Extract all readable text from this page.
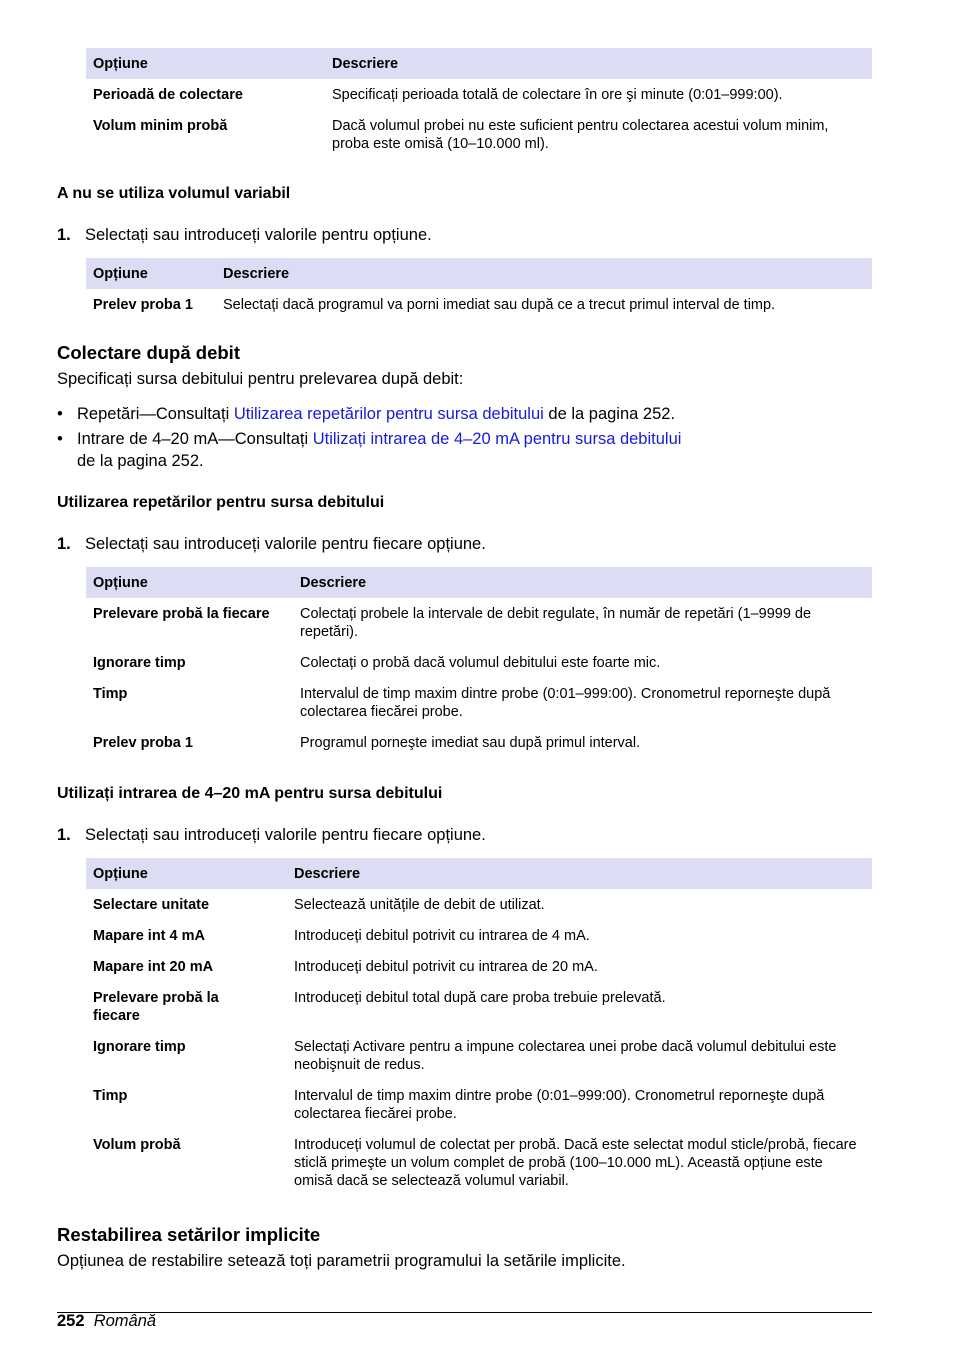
Opțiune	Descriere
Perioadă de colectare	Specificați perioada totală de colectare în ore şi minute (0:01–999:00).
Volum minim probă	Dacă volumul probei nu este suficient pentru colectarea acestui volum minim, proba este omisă (10–10.000 ml).
A nu se utiliza volumul variabil
1. Selectați sau introduceți valorile pentru opțiune.
Opțiune	Descriere
Prelev proba 1	Selectați dacă programul va porni imediat sau după ce a trecut primul interval de timp.
Colectare după debit
Specificați sursa debitului pentru prelevarea după debit:
• Repetări—Consultați Utilizarea repetărilor pentru sursa debitului de la pagina 252.
• Intrare de 4–20 mA—Consultați Utilizați intrarea de 4–20 mA pentru sursa debitului
de la pagina 252.
Utilizarea repetărilor pentru sursa debitului
1. Selectați sau introduceți valorile pentru fiecare opțiune.
Opțiune	Descriere
Prelevare probă la fiecare	Colectați probele la intervale de debit regulate, în număr de repetări (1–9999 de repetări).
Ignorare timp	Colectați o probă dacă volumul debitului este foarte mic.
Timp	Intervalul de timp maxim dintre probe (0:01–999:00). Cronometrul reporneşte după colectarea fiecărei probe.
Prelev proba 1	Programul porneşte imediat sau după primul interval.
Utilizați intrarea de 4–20 mA pentru sursa debitului
1. Selectați sau introduceți valorile pentru fiecare opțiune.
Opțiune	Descriere
Selectare unitate	Selectează unitățile de debit de utilizat.
Mapare int 4 mA	Introduceți debitul potrivit cu intrarea de 4 mA.
Mapare int 20 mA	Introduceți debitul potrivit cu intrarea de 20 mA.
Prelevare probă la fiecare	Introduceți debitul total după care proba trebuie prelevată.
Ignorare timp	Selectați Activare pentru a impune colectarea unei probe dacă volumul debitului este neobişnuit de redus.
Timp	Intervalul de timp maxim dintre probe (0:01–999:00). Cronometrul reporneşte după colectarea fiecărei probe.
Volum probă	Introduceți volumul de colectat per probă. Dacă este selectat modul sticle/probă, fiecare sticlă primeşte un volum complet de probă (100–10.000 mL). Această opțiune este omisă dacă se selectează volumul variabil.
Restabilirea setărilor implicite
Opțiunea de restabilire setează toți parametrii programului la setările implicite.
252 Română
